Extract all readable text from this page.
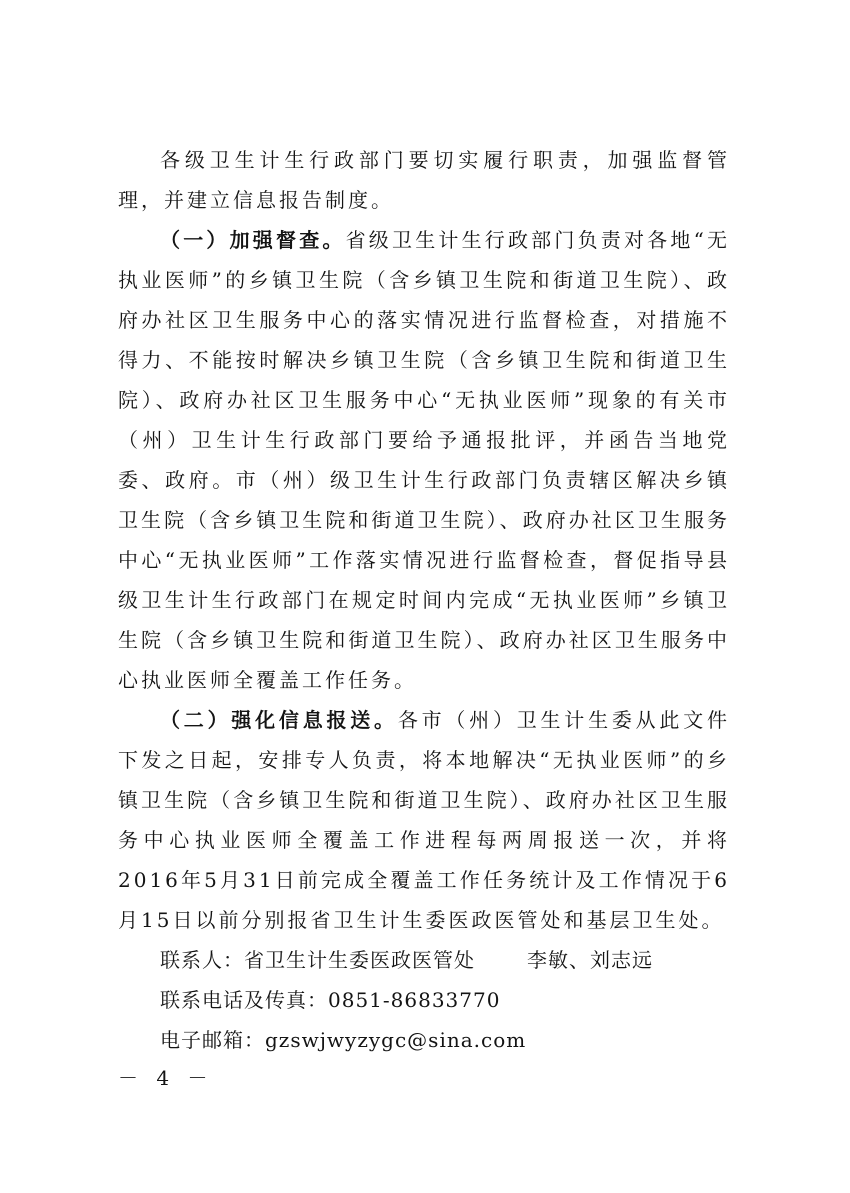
各级卫生计生行政部门要切实履行职责，加强监督管理，并建立信息报告制度。

（一）加强督查。省级卫生计生行政部门负责对各地“无执业医师”的乡镇卫生院（含乡镇卫生院和街道卫生院）、政府办社区卫生服务中心的落实情况进行监督检查，对措施不得力、不能按时解决乡镇卫生院（含乡镇卫生院和街道卫生院）、政府办社区卫生服务中心“无执业医师”现象的有关市（州）卫生计生行政部门要给予通报批评，并函告当地党委、政府。市（州）级卫生计生行政部门负责辖区解决乡镇卫生院（含乡镇卫生院和街道卫生院）、政府办社区卫生服务中心“无执业医师”工作落实情况进行监督检查，督促指导县级卫生计生行政部门在规定时间内完成“无执业医师”乡镇卫生院（含乡镇卫生院和街道卫生院）、政府办社区卫生服务中心执业医师全覆盖工作任务。

（二）强化信息报送。各市（州）卫生计生委从此文件下发之日起，安排专人负责，将本地解决“无执业医师”的乡镇卫生院（含乡镇卫生院和街道卫生院）、政府办社区卫生服务中心执业医师全覆盖工作进程每两周报送一次，并将2016年5月31日前完成全覆盖工作任务统计及工作情况于6月15日以前分别报省卫生计生委医政医管处和基层卫生处。

联系人：省卫生计生委医政医管处	李敏、刘志远

联系电话及传真：0851-86833770

电子邮箱：gzswjwyzygc@sina.com

－ 4 －
